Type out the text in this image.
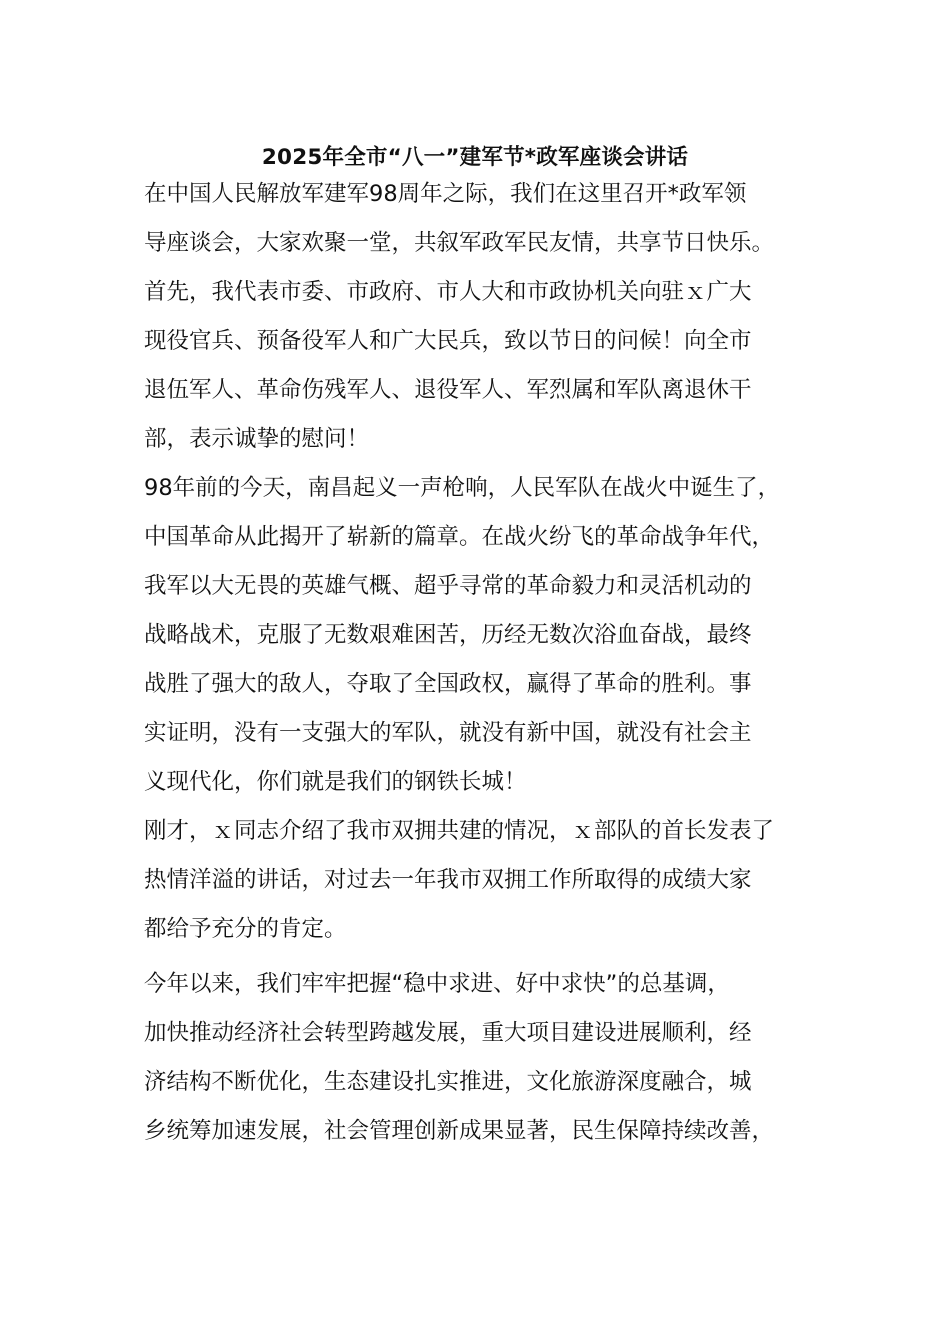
2025年全市“八一”建军节*政军座谈会讲话
在中国人民解放军建军98周年之际，我们在这里召开*政军领
导座谈会，大家欢聚一堂，共叙军政军民友情，共享节日快乐。
首先，我代表市委、市政府、市人大和市政协机关向驻ｘ广大
现役官兵、预备役军人和广大民兵，致以节日的问候！向全市
退伍军人、革命伤残军人、退役军人、军烈属和军队离退休干
部，表示诚挚的慰问！
98年前的今天，南昌起义一声枪响，人民军队在战火中诞生了，
中国革命从此揭开了崭新的篇章。在战火纷飞的革命战争年代，
我军以大无畏的英雄气概、超乎寻常的革命毅力和灵活机动的
战略战术，克服了无数艰难困苦，历经无数次浴血奋战，最终
战胜了强大的敌人，夺取了全国政权，赢得了革命的胜利。事
实证明，没有一支强大的军队，就没有新中国，就没有社会主
义现代化，你们就是我们的钢铁长城！
刚才，ｘ同志介绍了我市双拥共建的情况，ｘ部队的首长发表了
热情洋溢的讲话，对过去一年我市双拥工作所取得的成绩大家
都给予充分的肯定。
今年以来，我们牢牢把握“稳中求进、好中求快”的总基调，
加快推动经济社会转型跨越发展，重大项目建设进展顺利，经
济结构不断优化，生态建设扎实推进，文化旅游深度融合，城
乡统筹加速发展，社会管理创新成果显著，民生保障持续改善，
